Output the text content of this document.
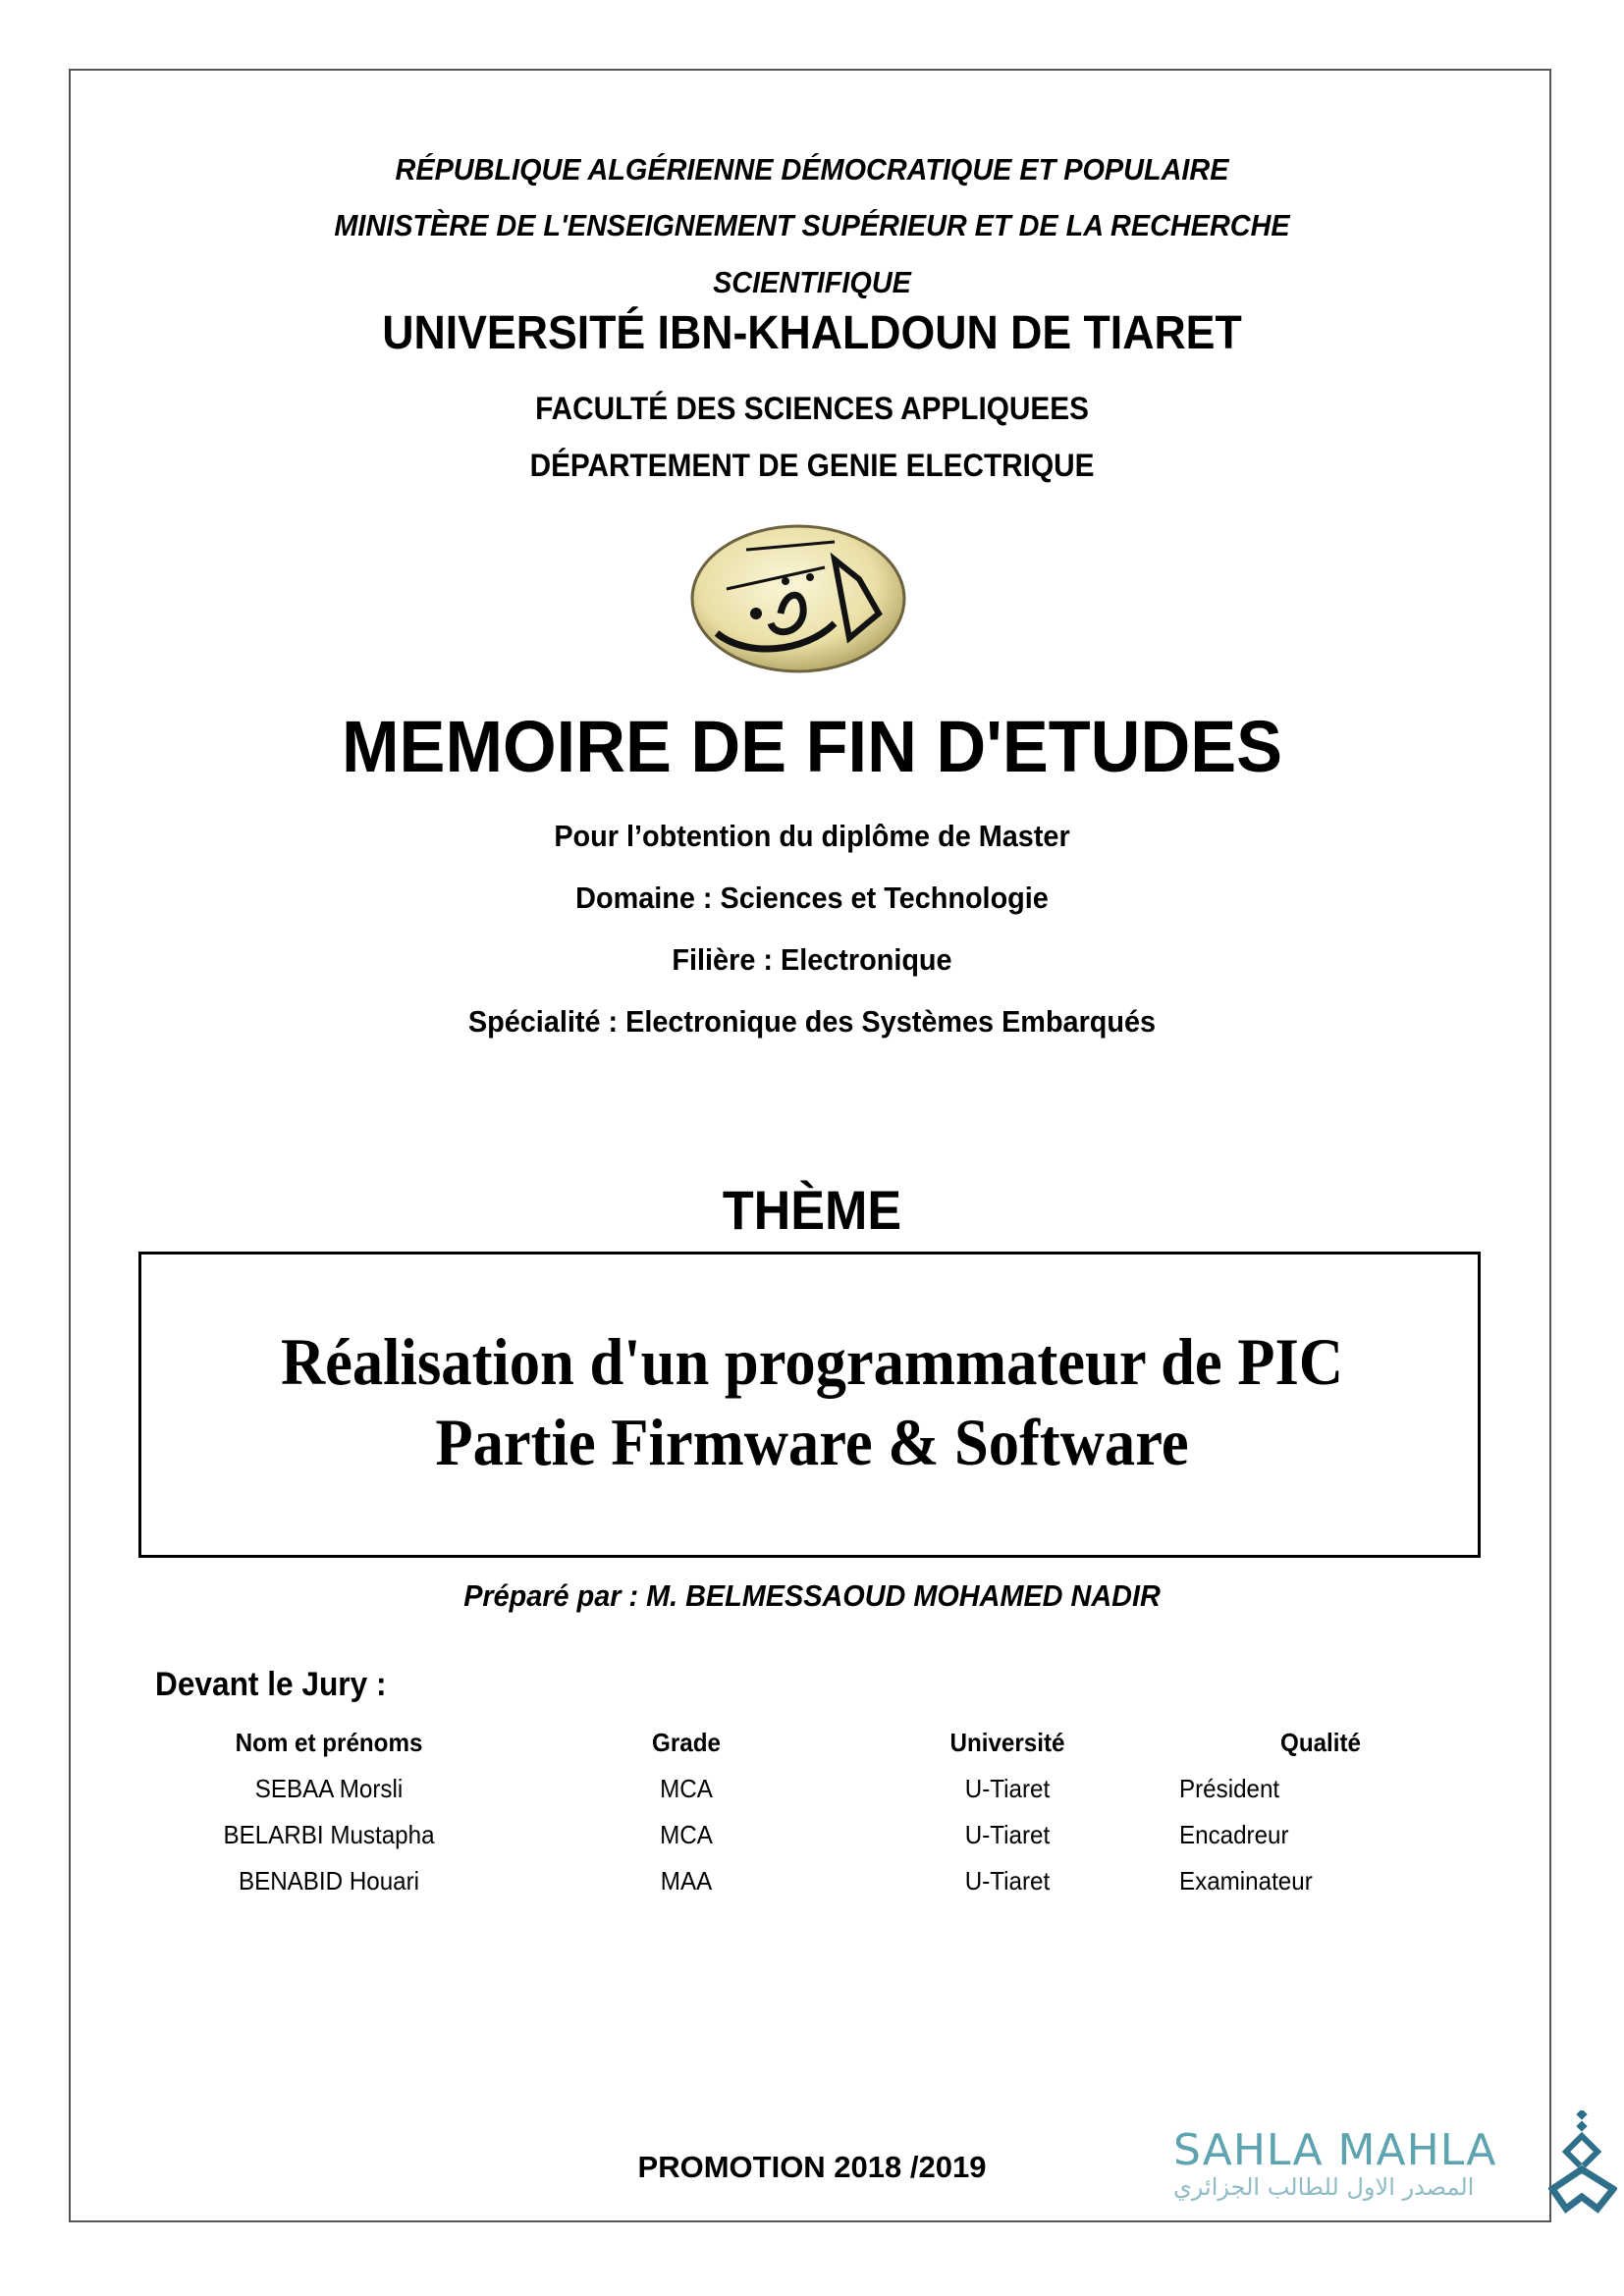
RÉPUBLIQUE ALGÉRIENNE DÉMOCRATIQUE ET POPULAIRE
MINISTÈRE DE L'ENSEIGNEMENT SUPÉRIEUR ET DE LA RECHERCHE
SCIENTIFIQUE
UNIVERSITÉ IBN-KHALDOUN DE TIARET
FACULTÉ DES SCIENCES APPLIQUEES
DÉPARTEMENT DE GENIE ELECTRIQUE
MEMOIRE DE FIN D'ETUDES
Pour l’obtention du diplôme de Master
Domaine : Sciences et Technologie
Filière : Electronique
Spécialité : Electronique des Systèmes Embarqués
THÈME
Réalisation d'un programmateur de PIC
Partie Firmware & Software
Préparé par : M. BELMESSAOUD MOHAMED NADIR
Devant le Jury :
Nom et prénoms	Grade	Université	Qualité
SEBAA Morsli	MCA	U-Tiaret	Président
BELARBI Mustapha	MCA	U-Tiaret	Encadreur
BENABID Houari	MAA	U-Tiaret	Examinateur
PROMOTION 2018 /2019	SAHLA MAHLA
المصدر الاول للطالب الجزائري
